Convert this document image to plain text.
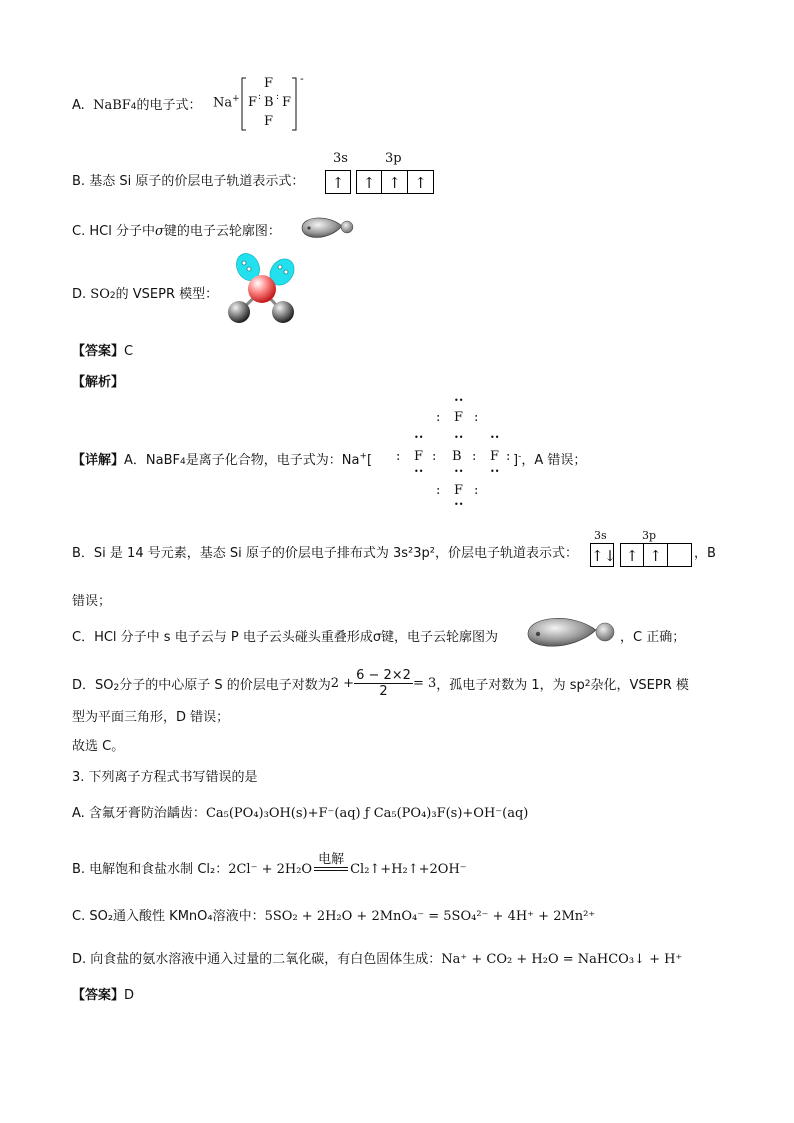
A. NaBF4的电子式： Na+
F
F B F
F
: :
-
B. 基态 Si 原子的价层电子轨道表示式：
3s	3p
↑	↑ ↑ ↑
C. HCl 分子中σ键的电子云轮廓图：
D. SO2的 VSEPR 模型：
【答案】C
【解析】
【详解】A．NaBF4是离子化合物，电子式为：Na+[
••
: F :
••	••	••
: F : B : F :
••	••	••
: F :
••
]-，A 错误；
B．Si 是 14 号元素，基态 Si 原子的价层电子排布式为 3s²3p²，价层电子轨道表示式：
3s	3p
↑↓ ↑ ↑	，B
错误；
C．HCl 分子中 s 电子云与 P 电子云头碰头重叠形成σ键，电子云轮廓图为	，C 正确；
D．SO 2 分子的中心原子 S 的价层电子对数为 $2 + \frac{6 - 2\times 2}{2} = 3$ ，孤电子对数为 1，为 sp 2 杂化，VSEPR 模
型为平面三角形，D 错误；
故选 C。
3. 下列离子方程式书写错误的是
A. 含氟牙膏防治龋齿：Ca₅(PO₄)₃OH(s)+F⁻(aq) ƒ Ca₅(PO₄)₃F(s)+OH⁻(aq)
B. 电解饱和食盐水制 Cl₂： 2Cl⁻ + 2H₂O
电解
Cl₂↑+H₂↑+2OH⁻
C. SO₂通入酸性 KMnO₄溶液中：5SO₂ + 2H₂O + 2MnO₄⁻ = 5SO₄²⁻ + 4H⁺ + 2Mn²⁺
D. 向食盐的氨水溶液中通入过量的二氧化碳，有白色固体生成：Na⁺ + CO₂ + H₂O = NaHCO₃↓ + H⁺
【答案】D
